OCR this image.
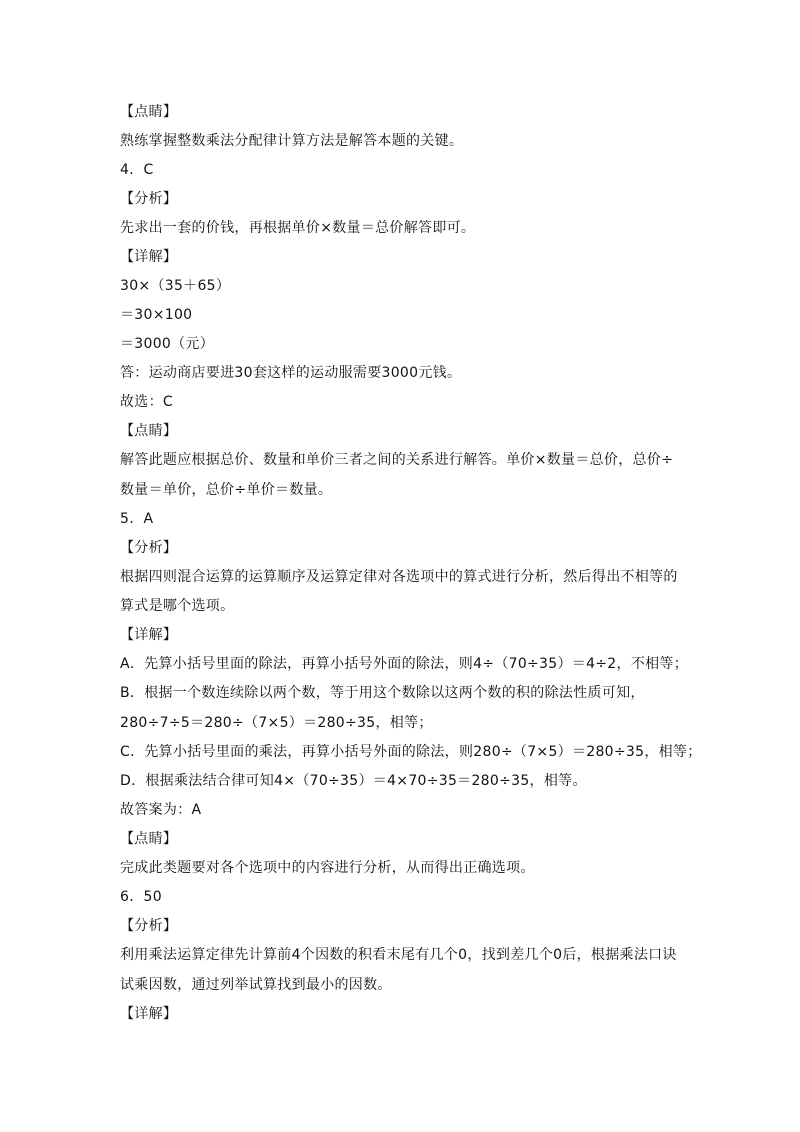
【点睛】
熟练掌握整数乘法分配律计算方法是解答本题的关键。
4．C
【分析】
先求出一套的价钱，再根据单价×数量＝总价解答即可。
【详解】
30×（35＋65）
＝30×100
＝3000（元）
答：运动商店要进30套这样的运动服需要3000元钱。
故选：C
【点睛】
解答此题应根据总价、数量和单价三者之间的关系进行解答。单价×数量＝总价，总价÷
数量＝单价，总价÷单价＝数量。
5．A
【分析】
根据四则混合运算的运算顺序及运算定律对各选项中的算式进行分析，然后得出不相等的
算式是哪个选项。
【详解】
A．先算小括号里面的除法，再算小括号外面的除法，则4÷（70÷35）＝4÷2，不相等；
B．根据一个数连续除以两个数，等于用这个数除以这两个数的积的除法性质可知，
280÷7÷5＝280÷（7×5）＝280÷35，相等；
C．先算小括号里面的乘法，再算小括号外面的除法，则280÷（7×5）＝280÷35，相等；
D．根据乘法结合律可知4×（70÷35）＝4×70÷35＝280÷35，相等。
故答案为：A
【点睛】
完成此类题要对各个选项中的内容进行分析，从而得出正确选项。
6．50
【分析】
利用乘法运算定律先计算前4个因数的积看末尾有几个0，找到差几个0后，根据乘法口诀
试乘因数，通过列举试算找到最小的因数。
【详解】
